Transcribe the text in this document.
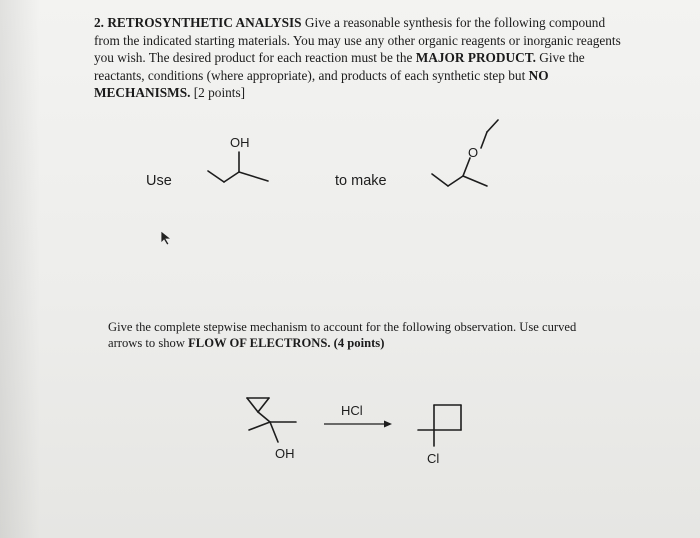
2. RETROSYNTHETIC ANALYSIS Give a reasonable synthesis for the following compound from the indicated starting materials. You may use any other organic reagents or inorganic reagents you wish. The desired product for each reaction must be the MAJOR PRODUCT. Give the reactants, conditions (where appropriate), and products of each synthetic step but NO MECHANISMS. [2 points]
Use
OH
to make
O
Give the complete stepwise mechanism to account for the following observation. Use curved arrows to show FLOW OF ELECTRONS. (4 points)
OH
HCl
Cl
